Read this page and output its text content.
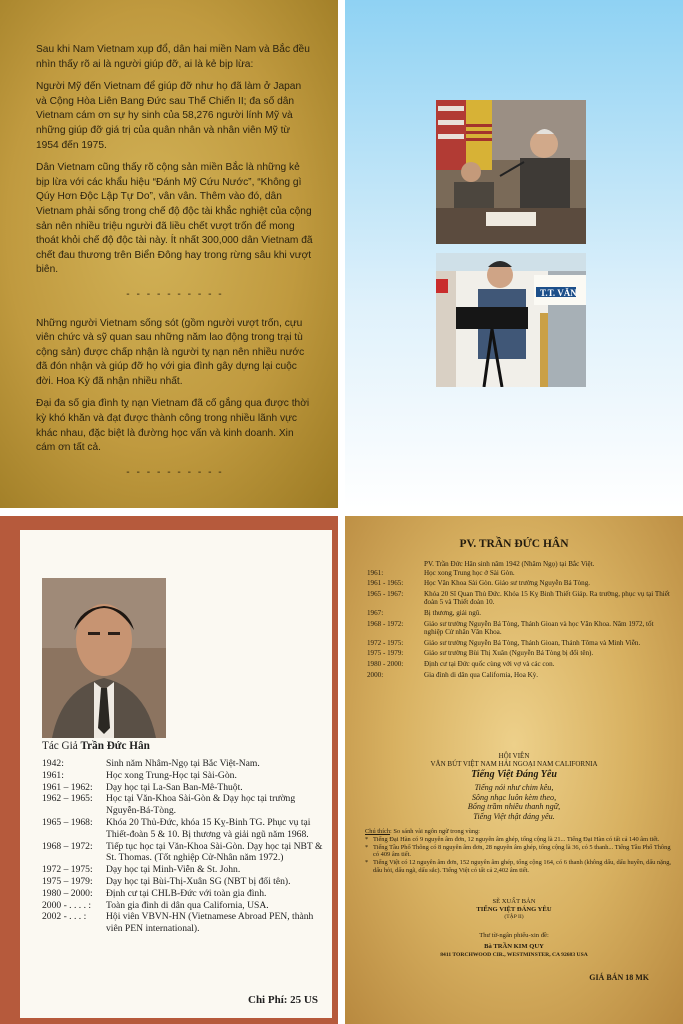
Sau khi Nam Vietnam xụp đổ, dân hai miền Nam và Bắc đều nhìn thấy rõ ai là người giúp đỡ, ai là kẻ bịp lừa:

Người Mỹ đến Vietnam để giúp đỡ như họ đã làm ở Japan và Cộng Hòa Liên Bang Đức sau Thế Chiến II; đa số dân Vietnam cám ơn sự hy sinh của 58,276 người lính Mỹ và những giúp đỡ giá trị của quân nhân và nhân viên Mỹ từ 1954 đến 1975.

Dân Vietnam cũng thấy rõ cộng sản miền Bắc là những kẻ bịp lừa với các khẩu hiệu “Đánh Mỹ Cứu Nước”, “Không gì Qúy Hơn Độc Lập Tự Do”, vân vân. Thêm vào đó, dân Vietnam phải sống trong chế độ độc tài khắc nghiệt của cộng sản nên nhiều triệu người đã liều chết vượt trốn để mong thoát khỏi chế độ độc tài này. Ít nhất 300,000 dân Vietnam đã chết đau thương trên Biển Đông hay trong rừng sâu khi vượt biên.

- - - - - - - - - -

Những người Vietnam sống sót (gồm người vượt trốn, cựu viên chức và sỹ quan sau những năm lao động trong trại tù cộng sản) được chấp nhận là người tỵ nạn nên nhiều nước đã đón nhận và giúp đỡ họ với gia đình gây dựng lại cuộc đời. Hoa Kỳ đã nhận nhiều nhất.

Đại đa số gia đình tỵ nạn Vietnam đã cố gắng qua được thời kỳ khó khăn và đạt được thành công trong nhiều lãnh vực khác nhau, đặc biệt là đường học vấn và kinh doanh. Xin cám ơn tất cả.

- - - - - - - - - -
T.T. VĂN
Tác Giả Trần Đức Hân
1942:	Sinh năm Nhâm-Ngọ tại Bắc Việt-Nam.
1961:	Học xong Trung-Học tại Sài-Gòn.
1961 – 1962:	Dạy học tại La-San Ban-Mê-Thuột.
1962 – 1965:	Học tại Văn-Khoa Sài-Gòn & Dạy học tại trường Nguyễn-Bá-Tòng.
1965 – 1968:	Khóa 20 Thủ-Đức, khóa 15 Kỵ-Binh TG. Phục vụ tại Thiết-đoàn 5 & 10. Bị thương và giải ngũ năm 1968.
1968 – 1972:	Tiếp tục học tại Văn-Khoa Sài-Gòn. Dạy học tại NBT & St. Thomas. (Tốt nghiệp Cử-Nhân năm 1972.)
1972 – 1975:	Dạy học tại Minh-Viễn & St. John.
1975 – 1979:	Dạy học tại Bùi-Thị-Xuân SG (NBT bị đổi tên).
1980 – 2000:	Định cư tại CHLB-Đức với toàn gia đình.
2000 - . . . . :	Toàn gia đình di dân qua California, USA.
2002 - . . . :	Hội viên VBVN-HN (Vietnamese Abroad PEN, thành viên PEN international).
Chi Phí: 25 US
PV. TRẦN ĐỨC HÂN
PV. Trần Đức Hân sinh năm 1942 (Nhâm Ngọ) tại Bắc Việt.
1961:	Học xong Trung học ở Sài Gòn.
1961 - 1965:	Học Văn Khoa Sài Gòn. Giáo sư trường Nguyễn Bá Tòng.
1965 - 1967:	Khóa 20 Sĩ Quan Thủ Đức. Khóa 15 Kỵ Binh Thiết Giáp. Ra trường, phục vụ tại Thiết đoàn 5 và Thiết đoàn 10.
1967:	Bị thương, giải ngũ.
1968 - 1972:	Giáo sư trường Nguyễn Bá Tòng, Thánh Gioan và học Văn Khoa. Năm 1972, tốt nghiệp Cử nhân Văn Khoa.
1972 - 1975:	Giáo sư trường Nguyễn Bá Tòng, Thánh Gioan, Thánh Tôma và Minh Viễn.
1975 - 1979:	Giáo sư trường Bùi Thị Xuân (Nguyễn Bá Tòng bị đổi tên).
1980 - 2000:	Định cư tại Đức quốc cùng với vợ và các con.
2000:	Gia đình di dân qua California, Hoa Kỳ.
HỘI VIÊN
VĂN BÚT VIỆT NAM HẢI NGOẠI NAM CALIFORNIA
Tiếng Việt Đáng Yêu
Tiếng nói như chim kêu,
Sông nhạc luôn kèm theo,
Bổng trầm nhiều thanh ngữ,
Tiếng Việt thật đáng yêu.
Chú thích: So sánh vài ngôn ngữ trong vùng:
* Tiếng Đại Hàn có 9 nguyên âm đơn, 12 nguyên âm ghép, tổng cộng là 21... Tiếng Đại Hàn có tất cả 140 âm tiết.
* Tiếng Tầu Phổ Thông có 8 nguyên âm đơn, 28 nguyên âm ghép, tổng cộng là 36, có 5 thanh... Tiếng Tầu Phổ Thông có 409 âm tiết.
* Tiếng Việt có 12 nguyên âm đơn, 152 nguyên âm ghép, tổng cộng 164, có 6 thanh (không dấu, dấu huyền, dấu nặng, dấu hỏi, dấu ngã, dấu sắc). Tiếng Việt có tất cả 2,402 âm tiết.
SẼ XUẤT BẢN
TIẾNG VIỆT ĐÁNG YÊU
(TẬP II)
Thư từ-ngân phiếu-xin đề:
Bà TRẦN KIM QUY
8411 TORCHWOOD CIR., WESTMINSTER, CA 92683 USA
GIÁ BÁN 18 MK
